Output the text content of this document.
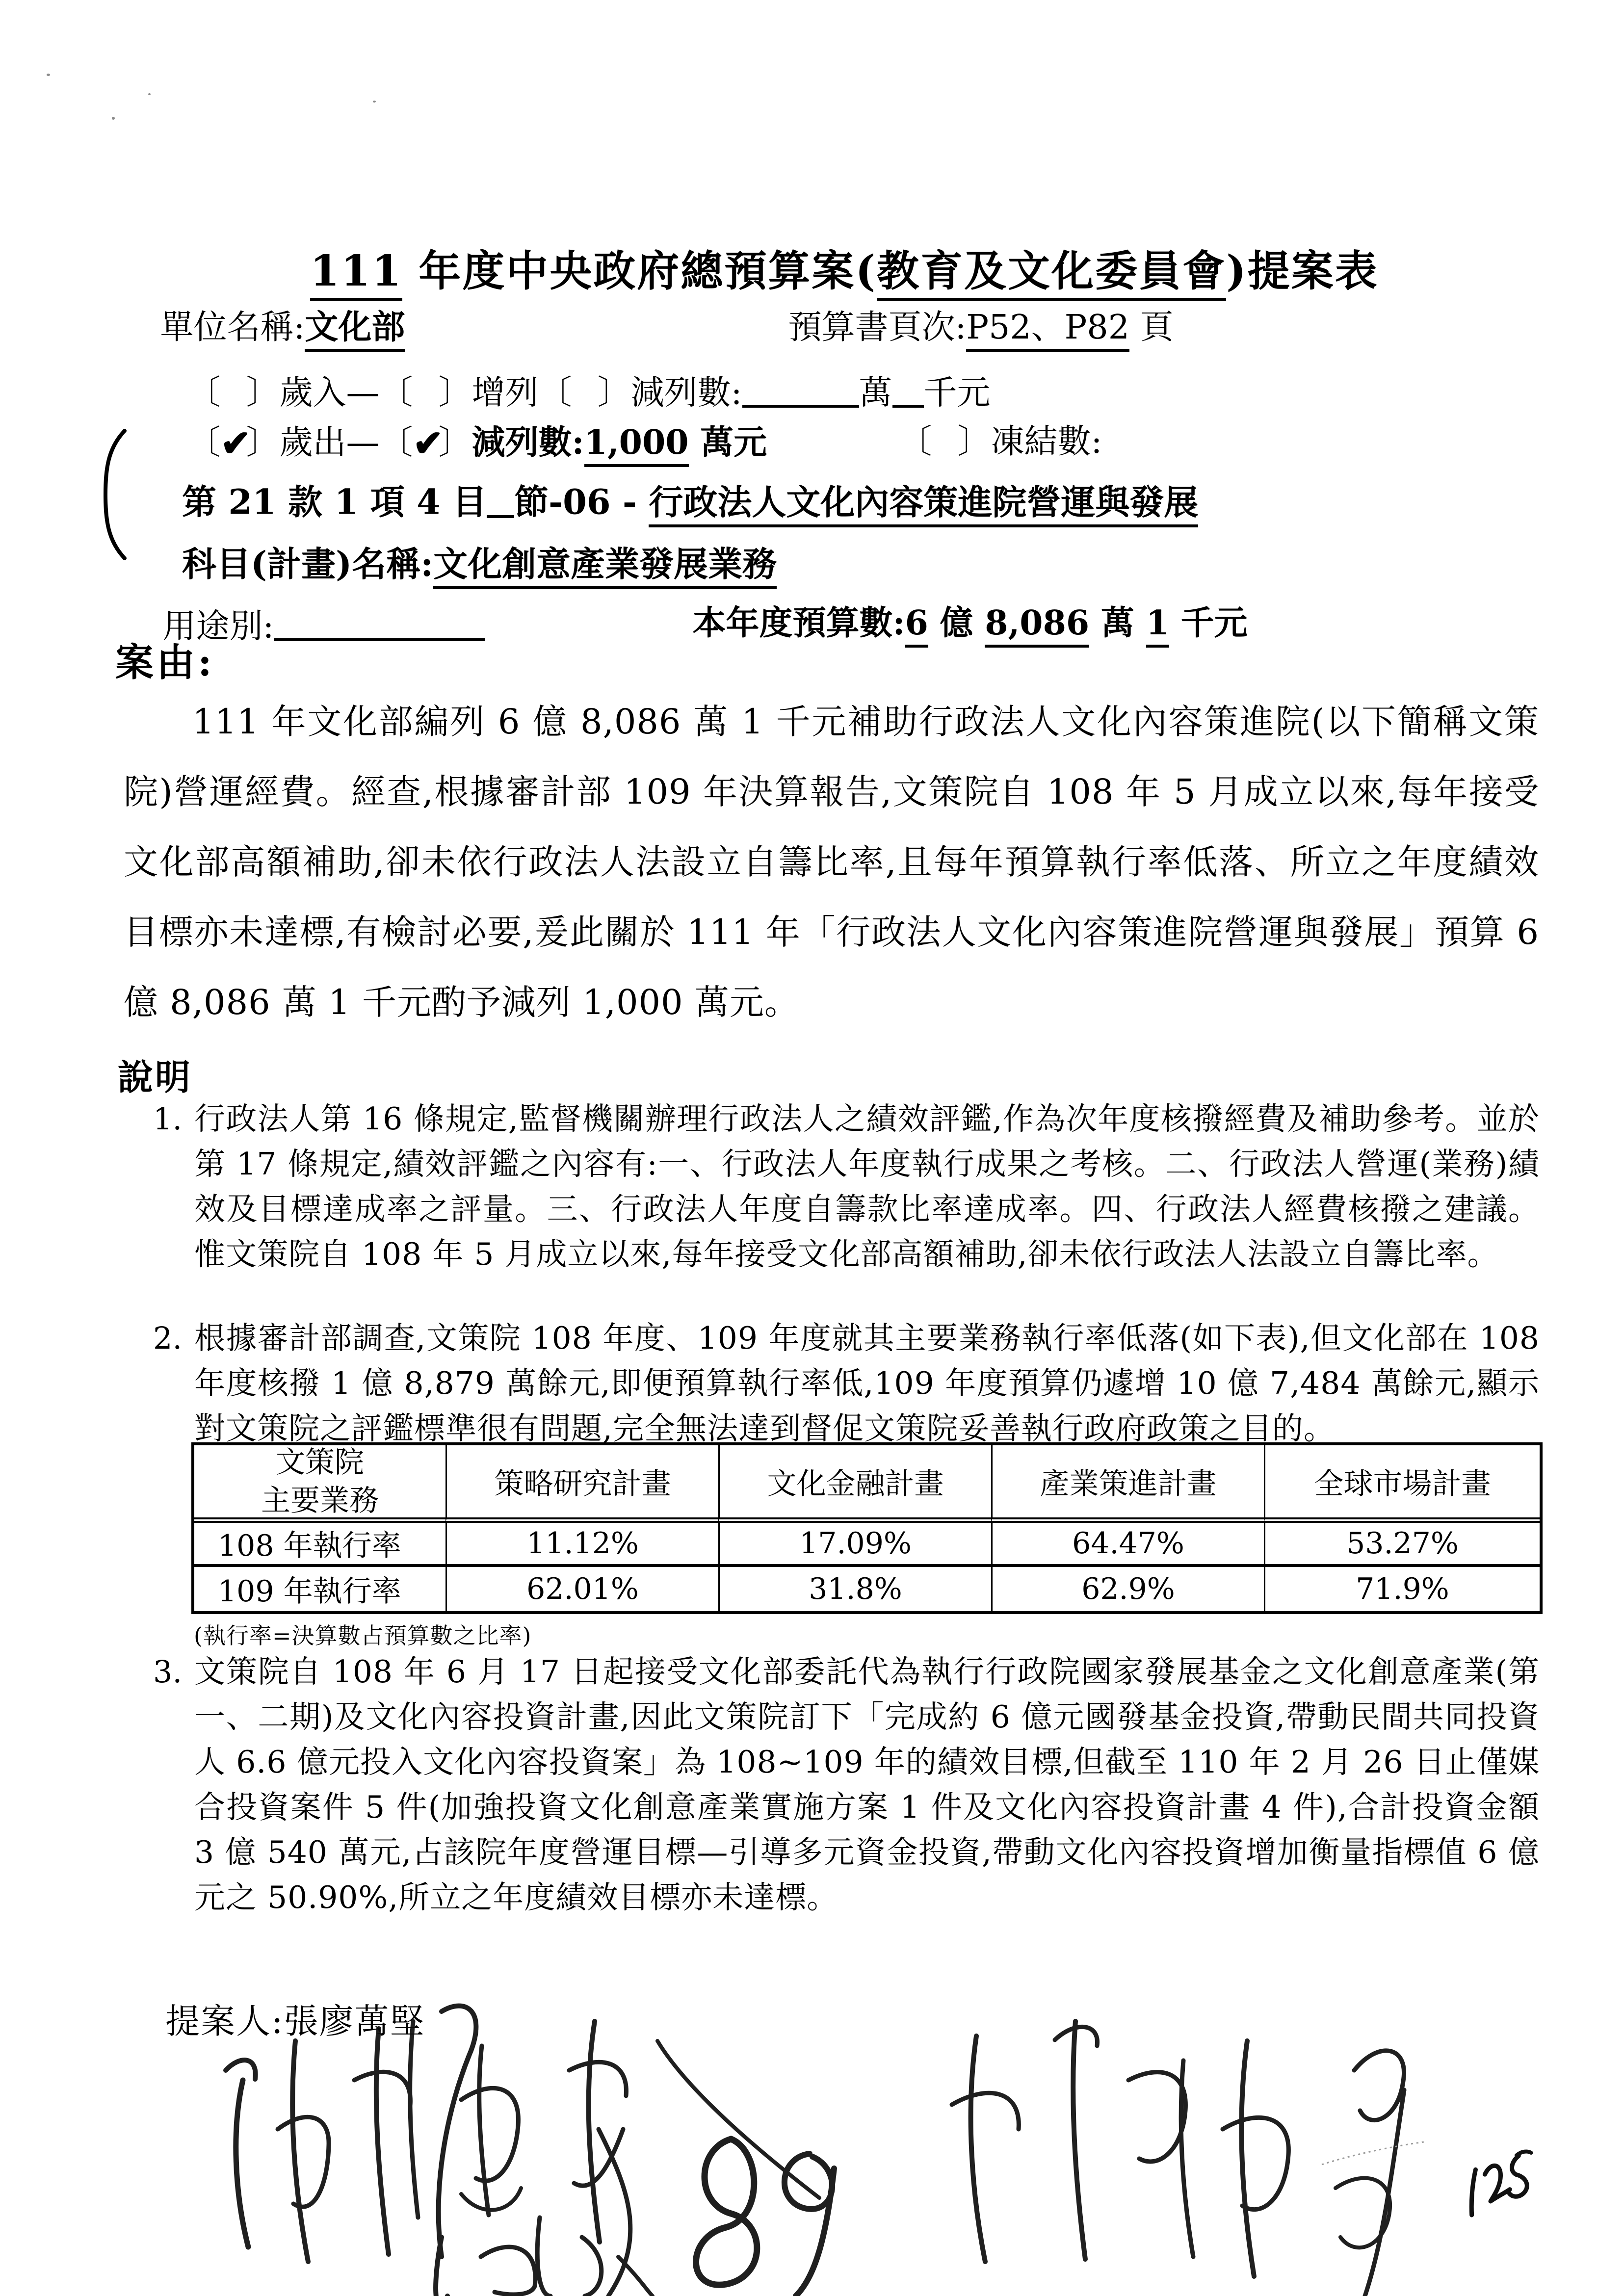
111 年度中央政府總預算案(教育及文化委員會)提案表

單位名稱:文化部
	預算書頁次:P52、P82 頁

〔 〕歲入—〔 〕增列〔 〕減列數:	萬 千元

〔✔〕歲出—〔✔〕減列數:1,000 萬元
	〔 〕凍結數:

第 21 款 1 項 4 目 節-06 - 行政法人文化內容策進院營運與發展

科目(計畫)名稱:文化創意產業發展業務

用途別:
	本年度預算數:6 億 8,086 萬 1 千元

案由:
111 年文化部編列 6 億 8,086 萬 1 千元補助行政法人文化內容策進院(以下簡稱文策院)營運經費。經查,根據審計部 109 年決算報告,文策院自 108 年 5 月成立以來,每年接受文化部高額補助,卻未依行政法人法設立自籌比率,且每年預算執行率低落、所立之年度績效目標亦未達標,有檢討必要,爰此關於 111 年「行政法人文化內容策進院營運與發展」預算 6 億 8,086 萬 1 千元酌予減列 1,000 萬元。
說明
1. 行政法人第 16 條規定,監督機關辦理行政法人之績效評鑑,作為次年度核撥經費及補助參考。並於第 17 條規定,績效評鑑之內容有:一、行政法人年度執行成果之考核。二、行政法人營運(業務)績效及目標達成率之評量。三、行政法人年度自籌款比率達成率。四、行政法人經費核撥之建議。惟文策院自 108 年 5 月成立以來,每年接受文化部高額補助,卻未依行政法人法設立自籌比率。
2. 根據審計部調查,文策院 108 年度、109 年度就其主要業務執行率低落(如下表),但文化部在 108 年度核撥 1 億 8,879 萬餘元,即便預算執行率低,109 年度預算仍遽增 10 億 7,484 萬餘元,顯示對文策院之評鑑標準很有問題,完全無法達到督促文策院妥善執行政府政策之目的。
文策院
主要業務	策略研究計畫	文化金融計畫	產業策進計畫	全球市場計畫
108 年執行率	11.12%	17.09%	64.47%	53.27%
109 年執行率	62.01%	31.8%	62.9%	71.9%
(執行率=決算數占預算數之比率)
3. 文策院自 108 年 6 月 17 日起接受文化部委託代為執行行政院國家發展基金之文化創意產業(第一、二期)及文化內容投資計畫,因此文策院訂下「完成約 6 億元國發基金投資,帶動民間共同投資人 6.6 億元投入文化內容投資案」為 108~109 年的績效目標,但截至 110 年 2 月 26 日止僅媒合投資案件 5 件(加強投資文化創意產業實施方案 1 件及文化內容投資計畫 4 件),合計投資金額 3 億 540 萬元,占該院年度營運目標—引導多元資金投資,帶動文化內容投資增加衡量指標值 6 億元之 50.90%,所立之年度績效目標亦未達標。

提案人:張廖萬堅
